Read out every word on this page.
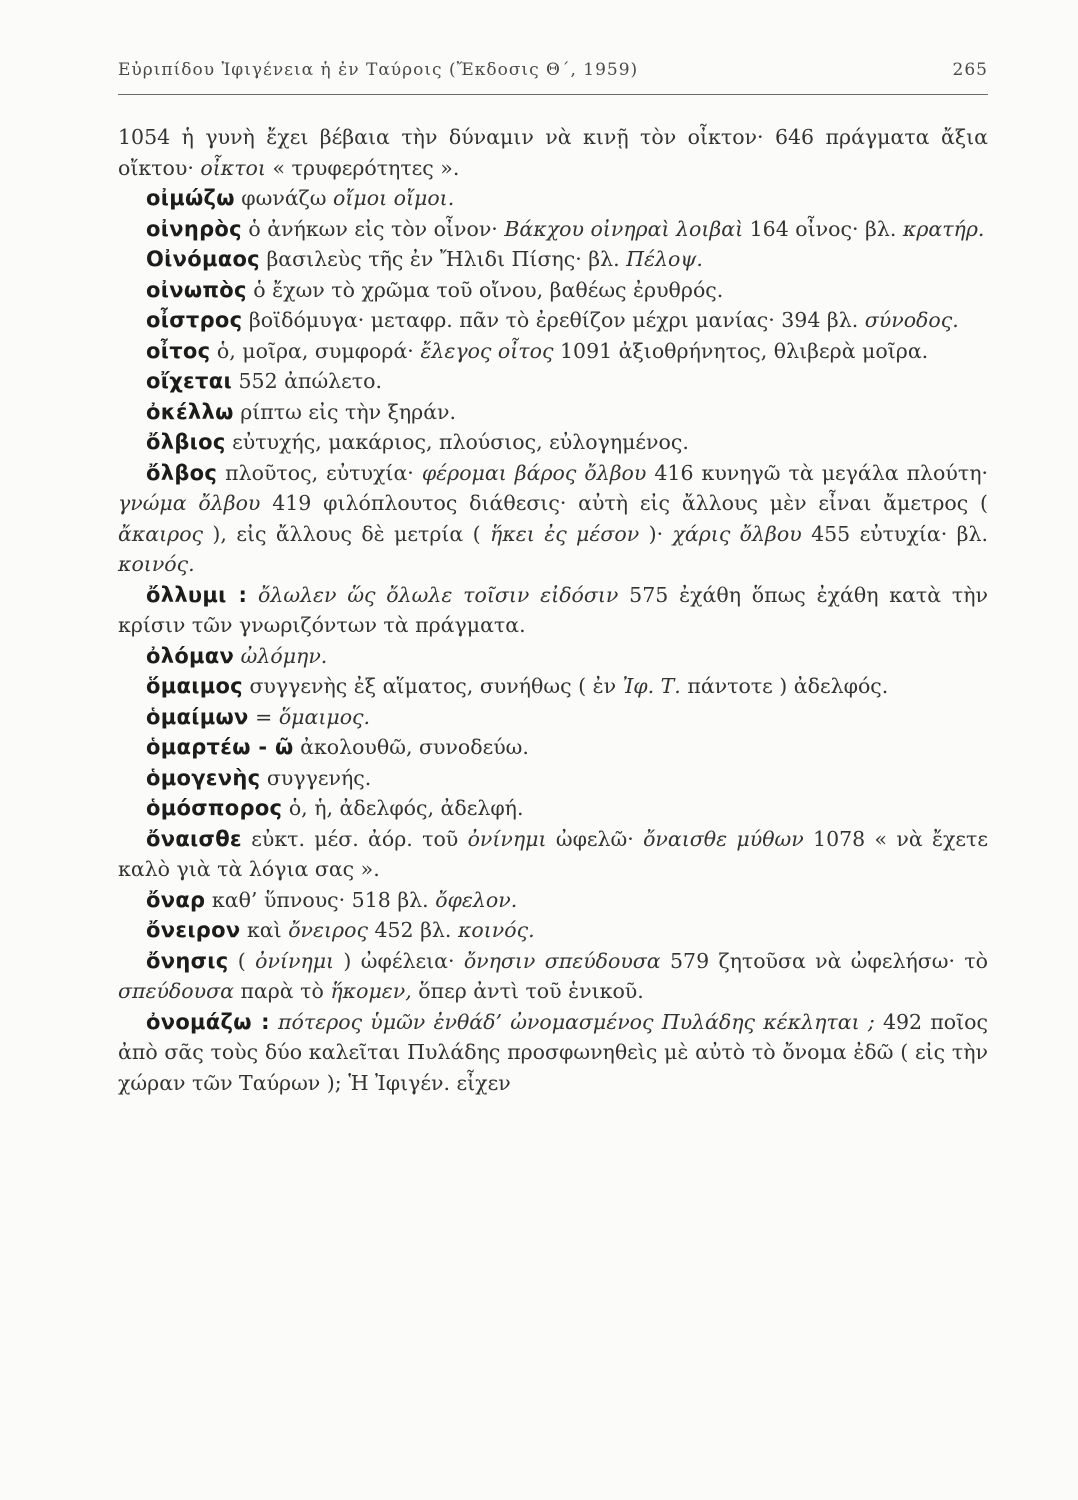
Εὐριπίδου Ἰφιγένεια ἡ ἐν Ταύροις (Ἔκδοσις Θ΄, 1959)	265

1054 ἡ γυνὴ ἔχει βέβαια τὴν δύναμιν νὰ κινῇ τὸν οἶκτον· 646 πράγματα ἄξια οἴκτου· οἶκτοι « τρυφερότητες ».

οἰμώζω φωνάζω οἴμοι οἴμοι.

οἰνηρὸς ὁ ἀνήκων εἰς τὸν οἶνον· Βάκχου οἰνηραὶ λοιβαὶ 164 οἶνος· βλ. κρατήρ.

Οἰνόμαος βασιλεὺς τῆς ἐν Ἤλιδι Πίσης· βλ. Πέλοψ.

οἰνωπὸς ὁ ἔχων τὸ χρῶμα τοῦ οἴνου, βαθέως ἐρυθρός.

οἶστρος βοϊδόμυγα· μεταφρ. πᾶν τὸ ἐρεθίζον μέχρι μανίας· 394 βλ. σύνοδος.

οἶτος ὁ, μοῖρα, συμφορά· ἔλεγος οἶτος 1091 ἀξιοθρήνητος, θλιβερὰ μοῖρα.

οἴχεται 552 ἀπώλετο.

ὀκέλλω ρίπτω εἰς τὴν ξηράν.

ὄλβιος εὐτυχής, μακάριος, πλούσιος, εὐλογημένος.

ὄλβος πλοῦτος, εὐτυχία· φέρομαι βάρος ὄλβου 416 κυνηγῶ τὰ μεγάλα πλούτη· γνώμα ὄλβου 419 φιλόπλουτος διάθεσις· αὐτὴ εἰς ἄλλους μὲν εἶναι ἄμετρος ( ἄκαιρος ), εἰς ἄλλους δὲ μετρία ( ἥκει ἐς μέσον )· χάρις ὄλβου 455 εὐτυχία· βλ. κοινός.

ὄλλυμι : ὄλωλεν ὥς ὄλωλε τοῖσιν εἰδόσιν 575 ἐχάθη ὅπως ἐχάθη κατὰ τὴν κρίσιν τῶν γνωριζόντων τὰ πράγματα.

ὀλόμαν ὠλόμην.

ὅμαιμος συγγενὴς ἐξ αἵματος, συνήθως ( ἐν Ἰφ. Τ. πάντοτε ) ἀδελφός.

ὁμαίμων = ὅμαιμος.

ὁμαρτέω - ῶ ἀκολουθῶ, συνοδεύω.

ὁμογενὴς συγγενής.

ὁμόσπορος ὁ, ἡ, ἀδελφός, ἀδελφή.

ὄναισθε εὐκτ. μέσ. ἀόρ. τοῦ ὀνίνημι ὠφελῶ· ὄναισθε μύθων 1078 « νὰ ἔχετε καλὸ γιὰ τὰ λόγια σας ».

ὄναρ καθ’ ὕπνους· 518 βλ. ὄφελον.

ὄνειρον καὶ ὄνειρος 452 βλ. κοινός.

ὄνησις ( ὀνίνημι ) ὠφέλεια· ὄνησιν σπεύδουσα 579 ζητοῦσα νὰ ὠφελήσω· τὸ σπεύδουσα παρὰ τὸ ἥκομεν, ὅπερ ἀντὶ τοῦ ἑνικοῦ.

ὀνομάζω : πότερος ὑμῶν ἐνθάδ’ ὠνομασμένος Πυλάδης κέκληται ; 492 ποῖος ἀπὸ σᾶς τοὺς δύο καλεῖται Πυλάδης προσφωνηθεὶς μὲ αὐτὸ τὸ ὄνομα ἐδῶ ( εἰς τὴν χώραν τῶν Ταύρων ); Ἡ Ἰφιγέν. εἶχεν
